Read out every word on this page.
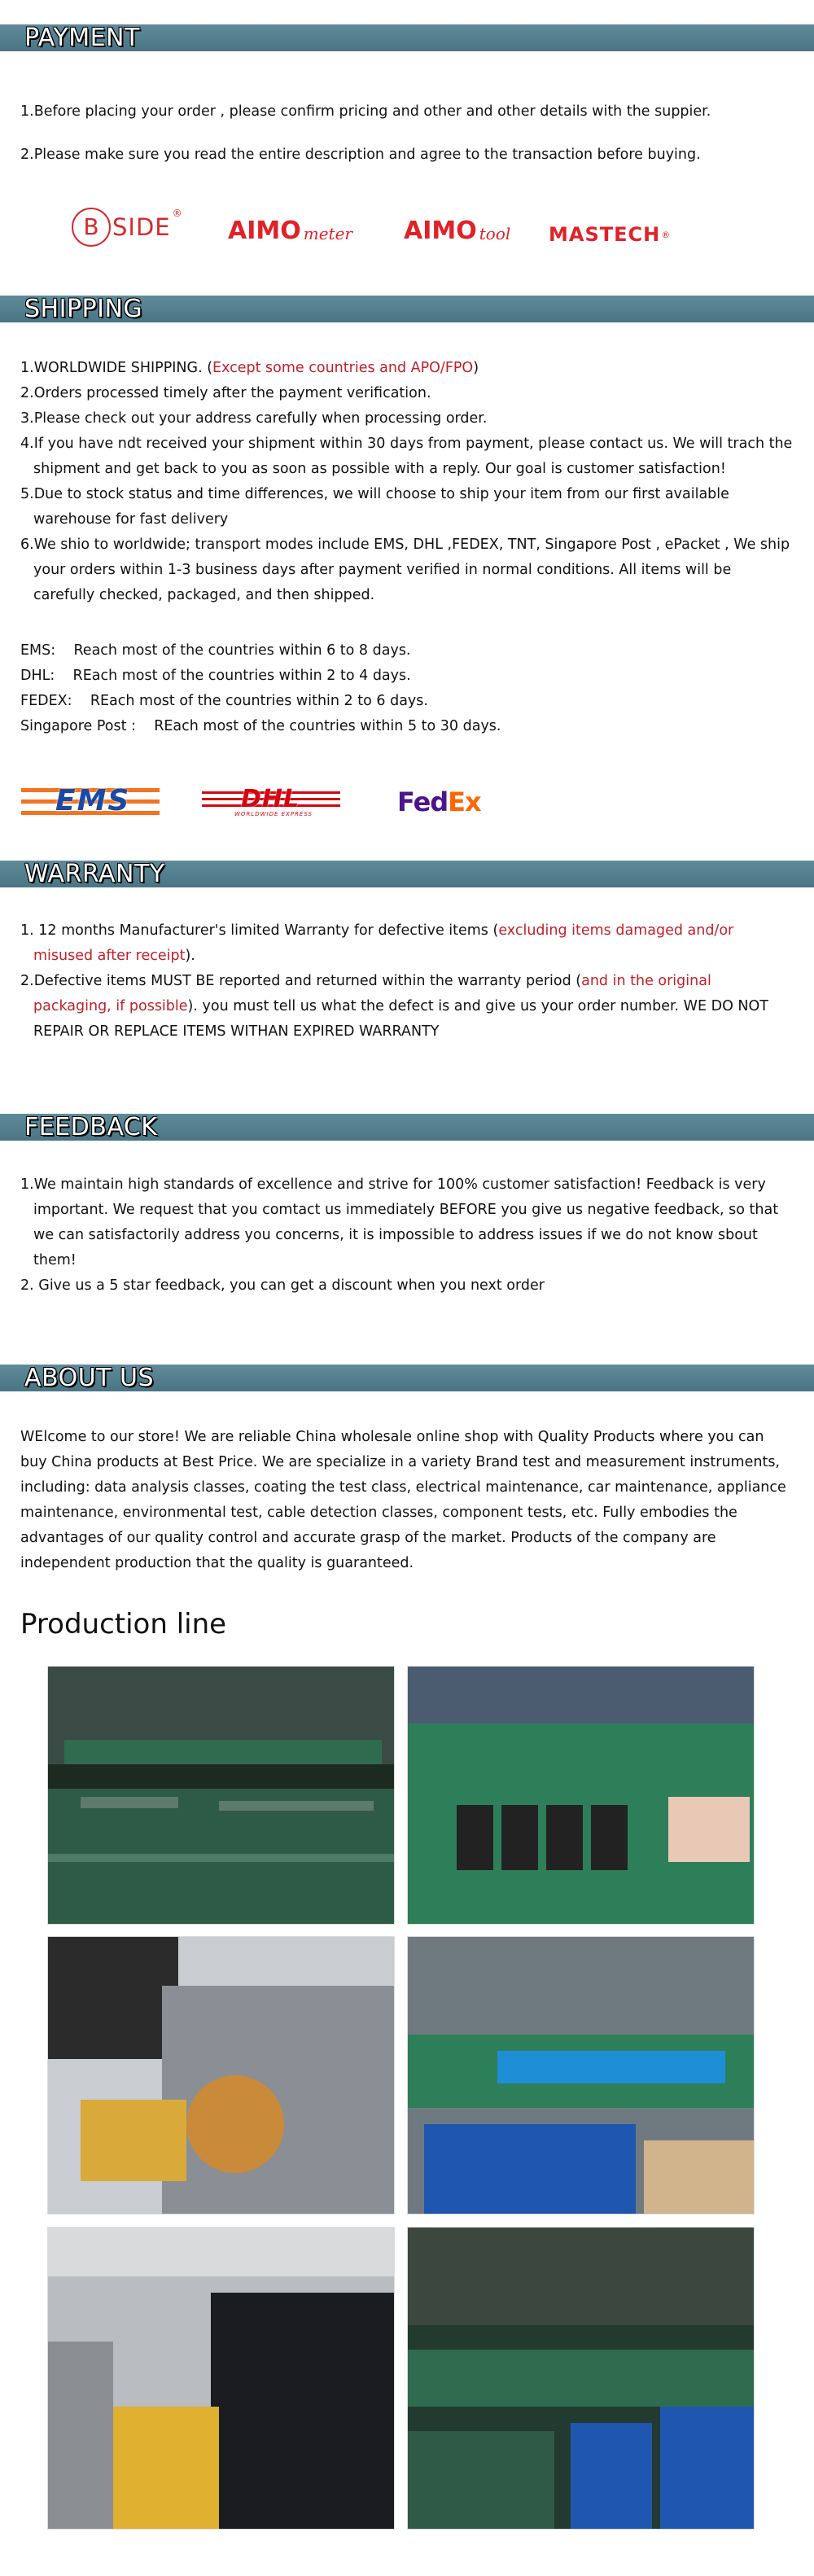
PAYMENT

1.Before placing your order , please confirm pricing and other and other details with the suppier.

2.Please make sure you read the entire description and agree to the transaction before buying.

B SIDE ®
AIMO meter AIMO tool MASTECH ®
SHIPPING

1.WORLDWIDE SHIPPING. (Except some countries and APO/FPO)

2.Orders processed timely after the payment verification.

3.Please check out your address carefully when processing order.

4.If you have ndt received your shipment within 30 days from payment, please contact us. We will trach the shipment and get back to you as soon as possible with a reply. Our goal is customer satisfaction!

5.Due to stock status and time differences, we will choose to ship your item from our first available warehouse for fast delivery

6.We shio to worldwide; transport modes include EMS, DHL ,FEDEX, TNT, Singapore Post , ePacket , We ship your orders within 1-3 business days after payment verified in normal conditions. All items will be carefully checked, packaged, and then shipped.

EMS: Reach most of the countries within 6 to 8 days.

DHL: REach most of the countries within 2 to 4 days.

FEDEX: REach most of the countries within 2 to 6 days.

Singapore Post : REach most of the countries within 5 to 30 days.

EMS	DHL
WORLDWIDE EXPRESS	FedEx
WARRANTY

1. 12 months Manufacturer's limited Warranty for defective items (excluding items damaged and/or misused after receipt).

2.Defective items MUST BE reported and returned within the warranty period (and in the original packaging, if possible). you must tell us what the defect is and give us your order number. WE DO NOT REPAIR OR REPLACE ITEMS WITHAN EXPIRED WARRANTY

FEEDBACK

1.We maintain high standards of excellence and strive for 100% customer satisfaction! Feedback is very important. We request that you comtact us immediately BEFORE you give us negative feedback, so that we can satisfactorily address you concerns, it is impossible to address issues if we do not know sbout them!

2. Give us a 5 star feedback, you can get a discount when you next order

ABOUT US

WElcome to our store! We are reliable China wholesale online shop with Quality Products where you can buy China products at Best Price. We are specialize in a variety Brand test and measurement instruments, including: data analysis classes, coating the test class, electrical maintenance, car maintenance, appliance maintenance, environmental test, cable detection classes, component tests, etc. Fully embodies the advantages of our quality control and accurate grasp of the market. Products of the company are independent production that the quality is guaranteed.

Production line
